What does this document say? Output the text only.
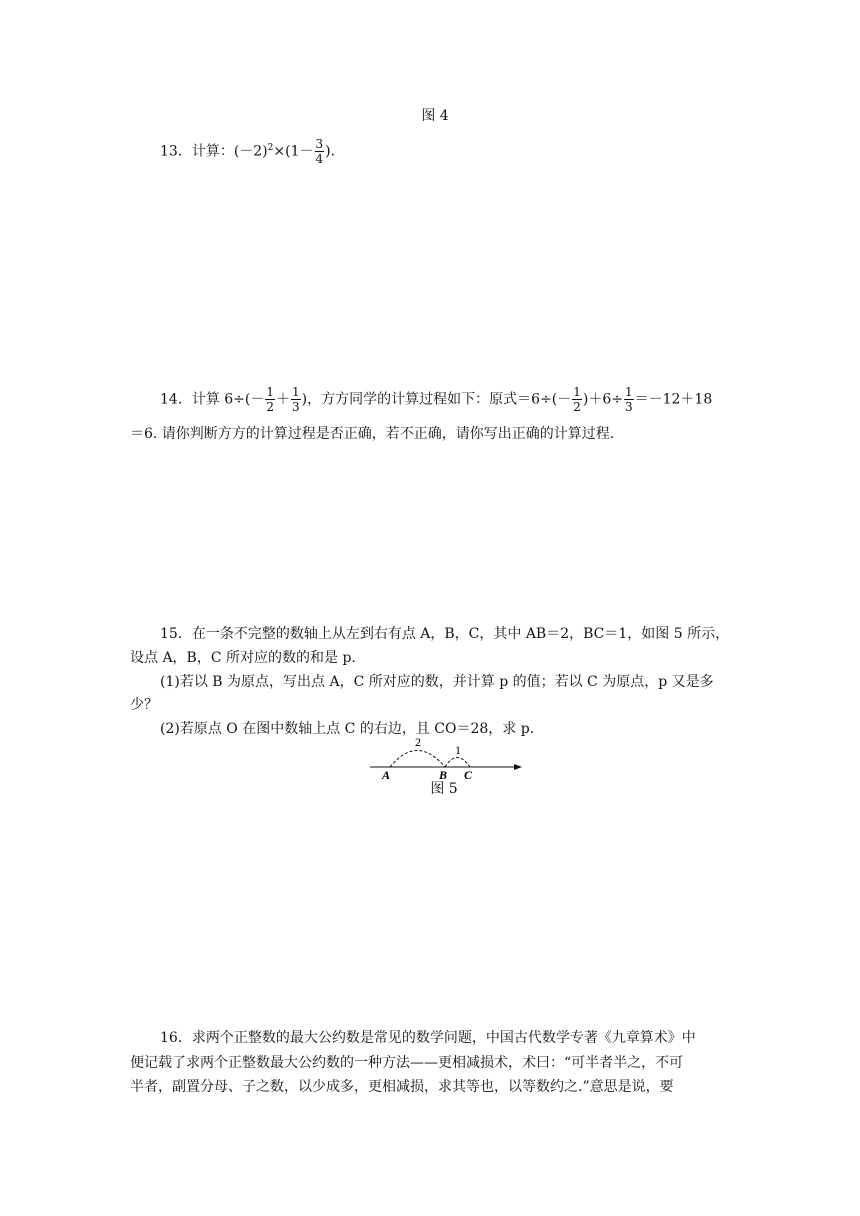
图 4
13．计算：$(-2)^2\times(1- \frac{3}{4}$ )．
14．计算 $6\div(- \frac{1}{2} + \frac{1}{3}$ )，方方同学的计算过程如下：原式$=6\div(- \frac{1}{2} )+6\div \frac{1}{3} =-12+18$
＝6. 请你判断方方的计算过程是否正确，若不正确，请你写出正确的计算过程.
15．在一条不完整的数轴上从左到右有点 A，B，C，其中 AB＝2，BC＝1，如图 5 所示，
设点 A，B，C 所对应的数的和是 p.
(1)若以 B 为原点，写出点 A，C 所对应的数，并计算 p 的值；若以 C 为原点，p 又是多
少？
(2)若原点 O 在图中数轴上点 C 的右边，且 CO＝28，求 p.
2
1
A	B C
图 5
16．求两个正整数的最大公约数是常见的数学问题，中国古代数学专著《九章算术》中
便记载了求两个正整数最大公约数的一种方法——更相减损术，术曰：“可半者半之，不可
半者，副置分母、子之数，以少成多，更相减损，求其等也，以等数约之.”意思是说，要
